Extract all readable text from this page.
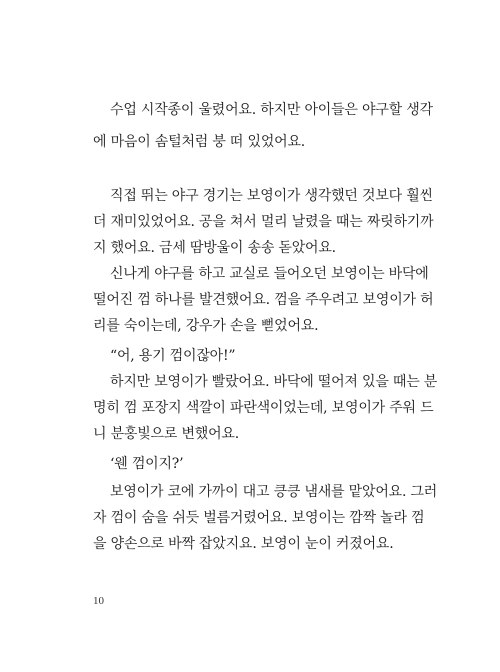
수업 시작종이 울렸어요. 하지만 아이들은 야구할 생각
에 마음이 솜털처럼 붕 떠 있었어요.
직접 뛰는 야구 경기는 보영이가 생각했던 것보다 훨씬
더 재미있었어요. 공을 쳐서 멀리 날렸을 때는 짜릿하기까
지 했어요. 금세 땀방울이 송송 돋았어요.
신나게 야구를 하고 교실로 들어오던 보영이는 바닥에
떨어진 껌 하나를 발견했어요. 껌을 주우려고 보영이가 허
리를 숙이는데, 강우가 손을 뻗었어요.
“어, 용기 껌이잖아!”
하지만 보영이가 빨랐어요. 바닥에 떨어져 있을 때는 분
명히 껌 포장지 색깔이 파란색이었는데, 보영이가 주워 드
니 분홍빛으로 변했어요.
‘웬 껌이지?’
보영이가 코에 가까이 대고 킁킁 냄새를 맡았어요. 그러
자 껌이 숨을 쉬듯 벌름거렸어요. 보영이는 깜짝 놀라 껌
을 양손으로 바짝 잡았지요. 보영이 눈이 커졌어요.
10
